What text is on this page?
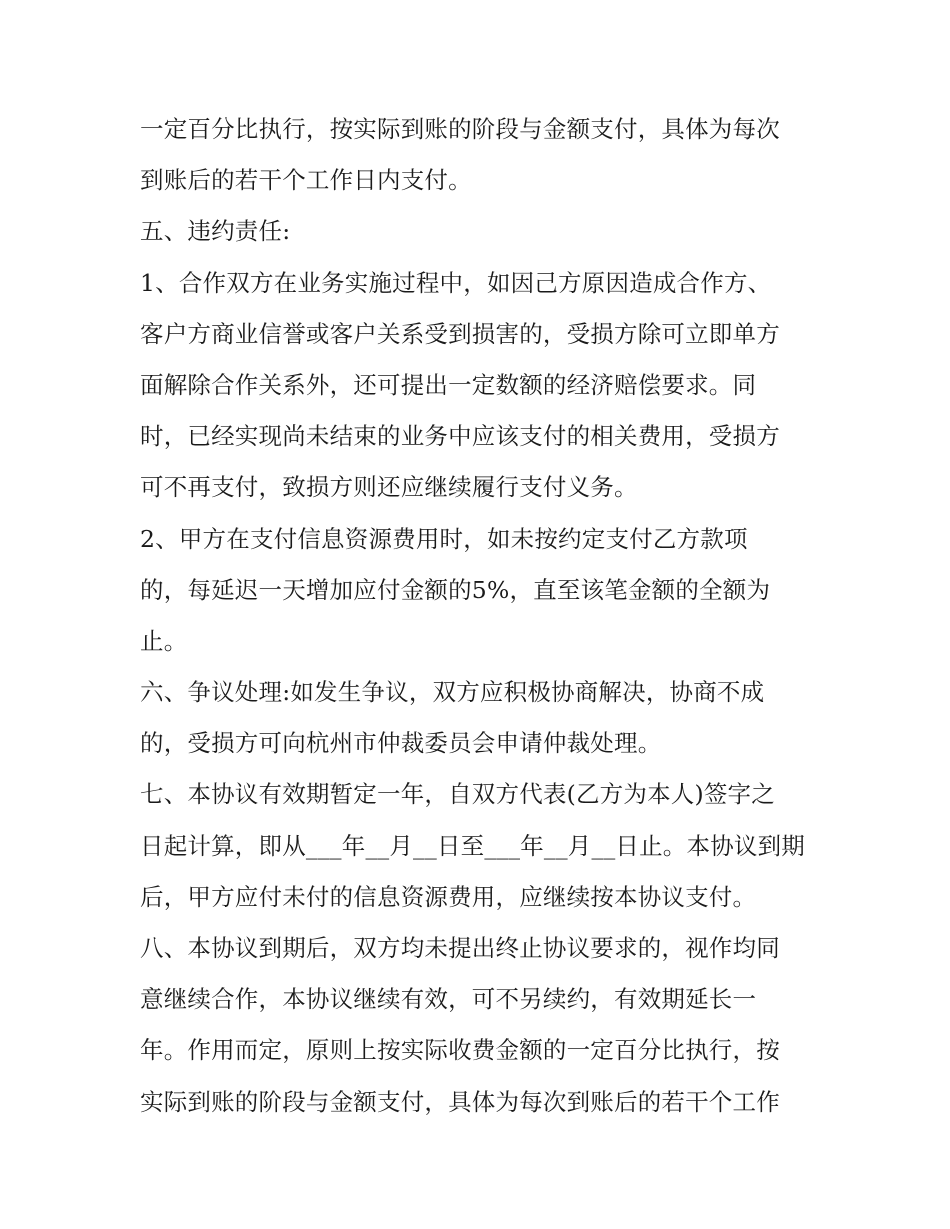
一定百分比执行，按实际到账的阶段与金额支付，具体为每次
到账后的若干个工作日内支付。
五、违约责任:
1、合作双方在业务实施过程中，如因己方原因造成合作方、
客户方商业信誉或客户关系受到损害的，受损方除可立即单方
面解除合作关系外，还可提出一定数额的经济赔偿要求。同
时，已经实现尚未结束的业务中应该支付的相关费用，受损方
可不再支付，致损方则还应继续履行支付义务。
2、甲方在支付信息资源费用时，如未按约定支付乙方款项
的，每延迟一天增加应付金额的5%，直至该笔金额的全额为
止。
六、争议处理:如发生争议，双方应积极协商解决，协商不成
的，受损方可向杭州市仲裁委员会申请仲裁处理。
七、本协议有效期暂定一年，自双方代表(乙方为本人)签字之
日起计算，即从___年__月__日至___年__月__日止。本协议到期
后，甲方应付未付的信息资源费用，应继续按本协议支付。
八、本协议到期后，双方均未提出终止协议要求的，视作均同
意继续合作，本协议继续有效，可不另续约，有效期延长一
年。作用而定，原则上按实际收费金额的一定百分比执行，按
实际到账的阶段与金额支付，具体为每次到账后的若干个工作
